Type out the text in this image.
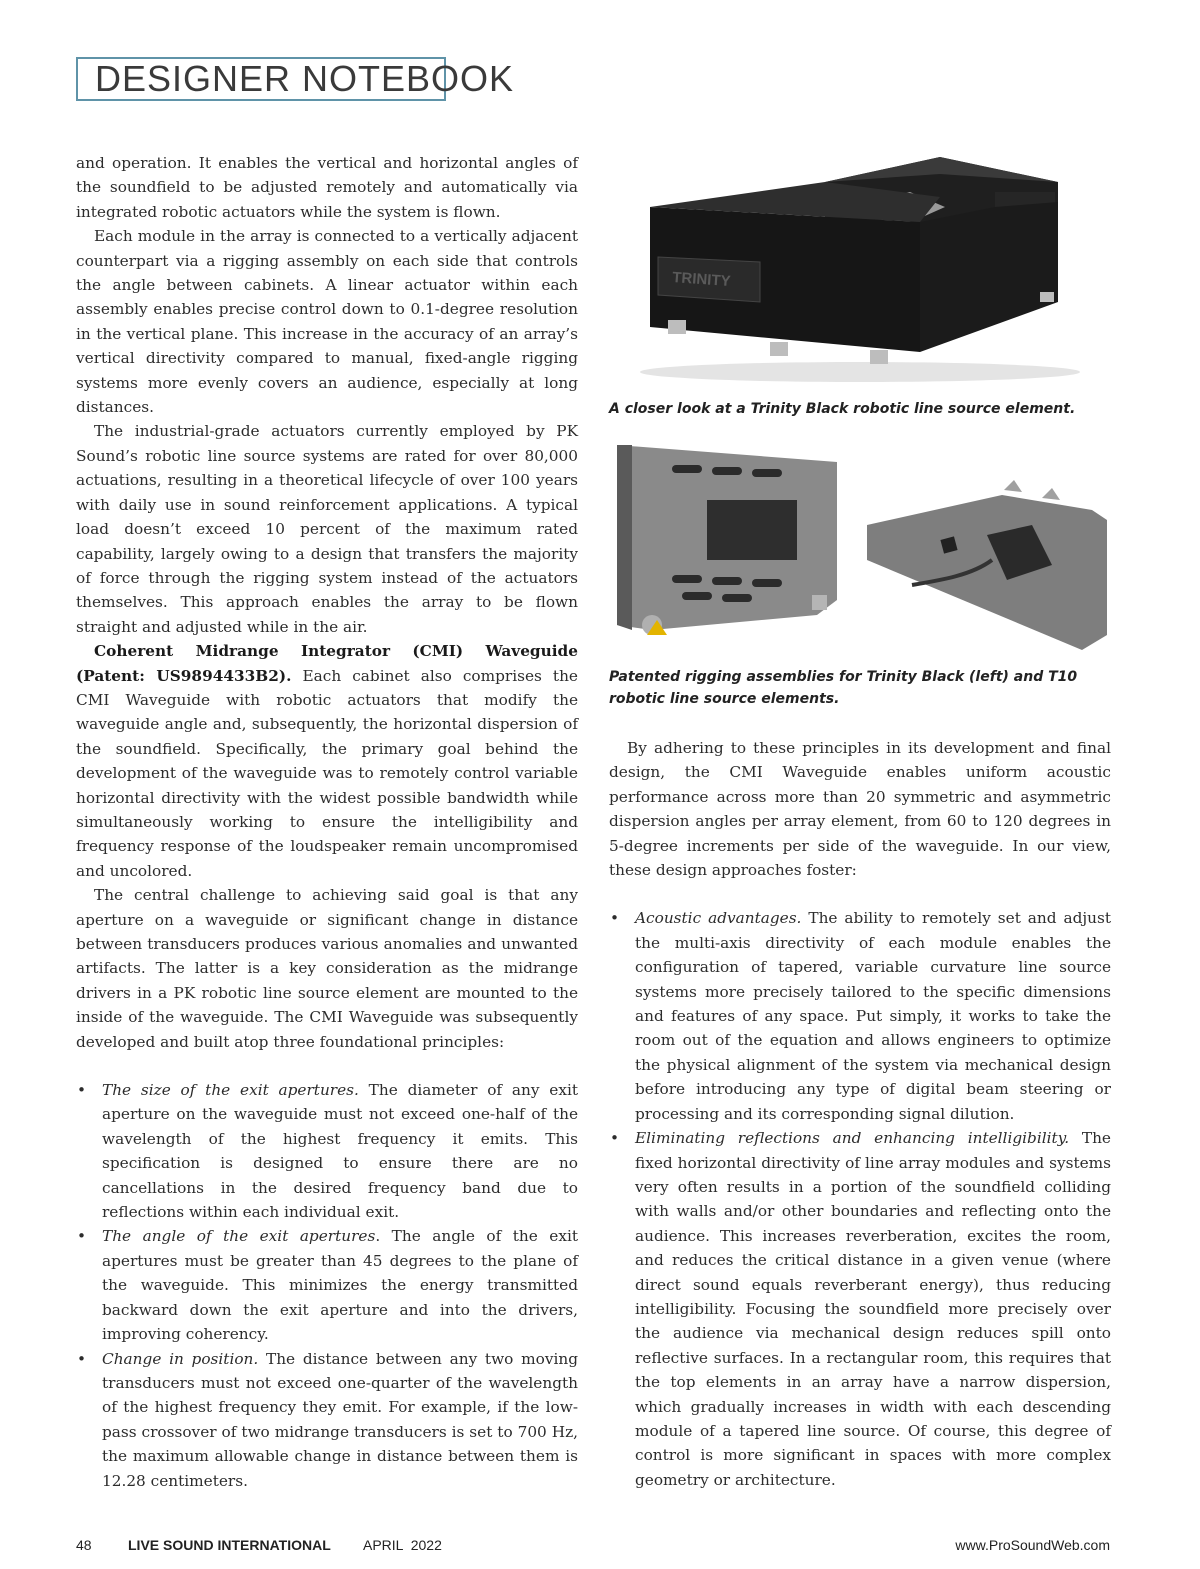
DESIGNER NOTEBOOK

and operation. It enables the vertical and horizontal angles of the soundfield to be adjusted remotely and automatically via integrated robotic actuators while the system is flown.

Each module in the array is connected to a vertically adjacent counterpart via a rigging assembly on each side that controls the angle between cabinets. A linear actuator within each assembly enables precise control down to 0.1-degree resolution in the vertical plane. This increase in the accuracy of an array’s vertical directivity compared to manual, fixed-angle rigging systems more evenly covers an audience, especially at long distances.

The industrial-grade actuators currently employed by PK Sound’s robotic line source systems are rated for over 80,000 actuations, resulting in a theoretical lifecycle of over 100 years with daily use in sound reinforcement applications. A typical load doesn’t exceed 10 percent of the maximum rated capability, largely owing to a design that transfers the majority of force through the rigging system instead of the actuators themselves. This approach enables the array to be flown straight and adjusted while in the air.

Coherent Midrange Integrator (CMI) Waveguide (Patent: US9894433B2). Each cabinet also comprises the CMI Waveguide with robotic actuators that modify the waveguide angle and, subsequently, the horizontal dispersion of the soundfield. Specifically, the primary goal behind the development of the waveguide was to remotely control variable horizontal directivity with the widest possible bandwidth while simultaneously working to ensure the intelligibility and frequency response of the loudspeaker remain uncompromised and uncolored.

The central challenge to achieving said goal is that any aperture on a waveguide or significant change in distance between transducers produces various anomalies and unwanted artifacts. The latter is a key consideration as the midrange drivers in a PK robotic line source element are mounted to the inside of the waveguide. The CMI Waveguide was subsequently developed and built atop three foundational principles:

• The size of the exit apertures. The diameter of any exit aperture on the waveguide must not exceed one-half of the wavelength of the highest frequency it emits. This specification is designed to ensure there are no cancellations in the desired frequency band due to reflections within each individual exit.
• The angle of the exit apertures. The angle of the exit apertures must be greater than 45 degrees to the plane of the waveguide. This minimizes the energy transmitted backward down the exit aperture and into the drivers, improving coherency.
• Change in position. The distance between any two moving transducers must not exceed one-quarter of the wavelength of the highest frequency they emit. For example, if the low-pass crossover of two midrange transducers is set to 700 Hz, the maximum allowable change in distance between them is 12.28 centimeters.
TRINITY
A closer look at a Trinity Black robotic line source element.
Patented rigging assemblies for Trinity Black (left) and T10 robotic line source elements.

By adhering to these principles in its development and final design, the CMI Waveguide enables uniform acoustic performance across more than 20 symmetric and asymmetric dispersion angles per array element, from 60 to 120 degrees in 5-degree increments per side of the waveguide. In our view, these design approaches foster:

• Acoustic advantages. The ability to remotely set and adjust the multi-axis directivity of each module enables the configuration of tapered, variable curvature line source systems more precisely tailored to the specific dimensions and features of any space. Put simply, it works to take the room out of the equation and allows engineers to optimize the physical alignment of the system via mechanical design before introducing any type of digital beam steering or processing and its corresponding signal dilution.
• Eliminating reflections and enhancing intelligibility. The fixed horizontal directivity of line array modules and systems very often results in a portion of the soundfield colliding with walls and/or other boundaries and reflecting onto the audience. This increases reverberation, excites the room, and reduces the critical distance in a given venue (where direct sound equals reverberant energy), thus reducing intelligibility. Focusing the soundfield more precisely over the audience via mechanical design reduces spill onto reflective surfaces. In a rectangular room, this requires that the top elements in an array have a narrow dispersion, which gradually increases in width with each descending module of a tapered line source. Of course, this degree of control is more significant in spaces with more complex geometry or architecture.
48	LIVE SOUND INTERNATIONAL APRIL  2022	www.ProSoundWeb.com
